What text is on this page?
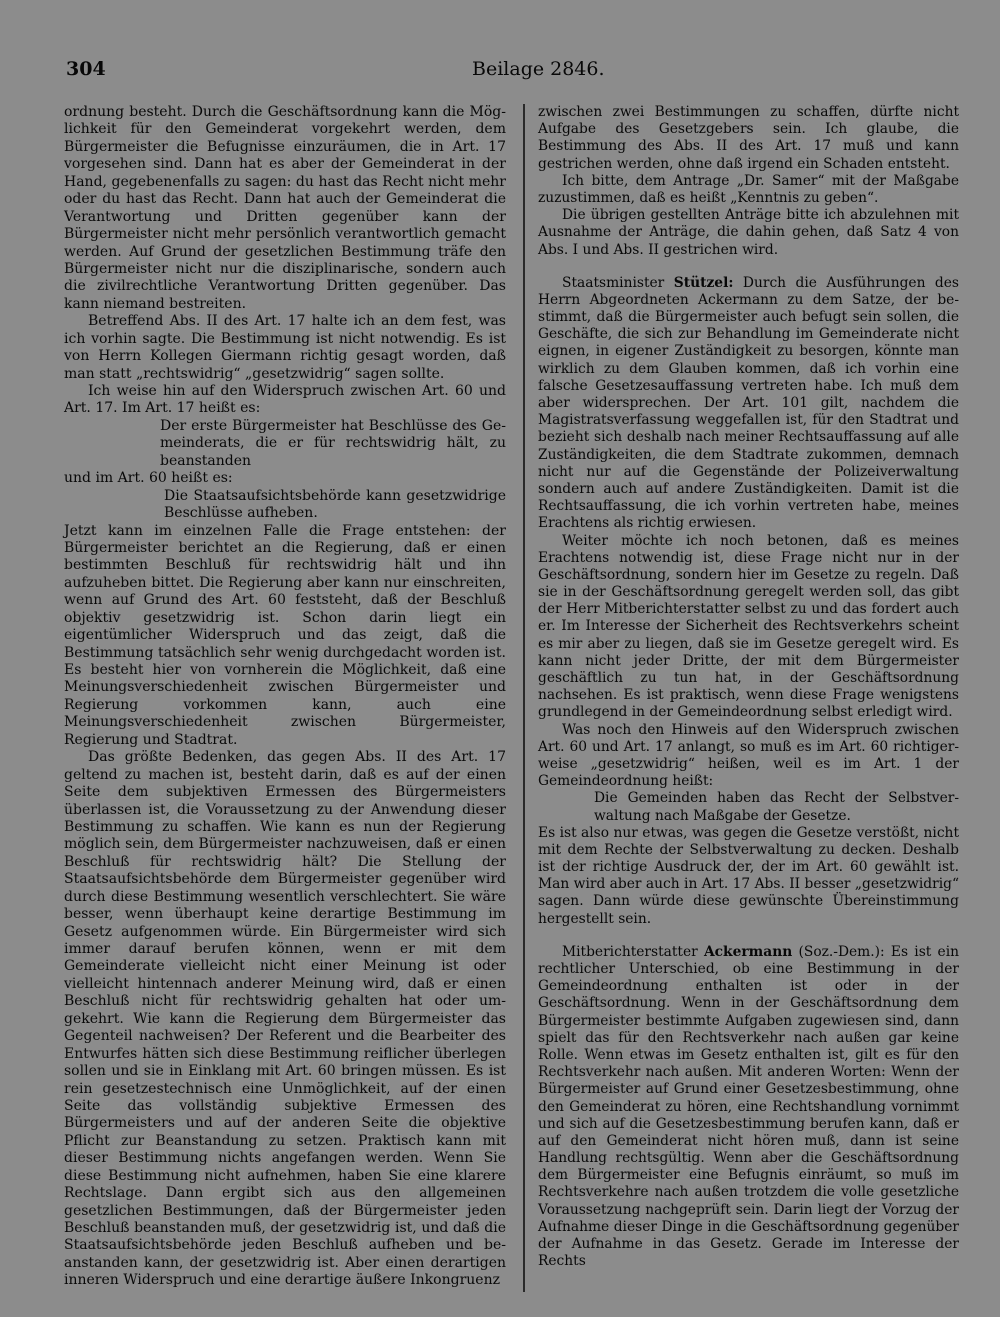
304	Beilage 2846.

ordnung besteht. Durch die Geschäftsordnung kann die Möglichkeit für den Gemeinderat vorgekehrt werden, dem Bürgermeister die Befugnisse einzuräumen, die in Art. 17 vorgesehen sind. Dann hat es aber der Gemeinderat in der Hand, gegebenenfalls zu sagen: du hast das Recht nicht mehr oder du hast das Recht. Dann hat auch der Gemeinderat die Verantwortung und Dritten gegenüber kann der Bürgermeister nicht mehr persönlich verantwortlich gemacht werden. Auf Grund der gesetzlichen Bestimmung träfe den Bürgermeister nicht nur die disziplinarische, sondern auch die zivilrechtliche Verantwortung Dritten gegenüber. Das kann niemand bestreiten.

Betreffend Abs. II des Art. 17 halte ich an dem fest, was ich vorhin sagte. Die Bestimmung ist nicht notwendig. Es ist von Herrn Kollegen Giermann richtig gesagt worden, daß man statt „rechtswidrig“ „gesetzwidrig“ sagen sollte.

Ich weise hin auf den Widerspruch zwischen Art. 60 und Art. 17. Im Art. 17 heißt es:

Der erste Bürgermeister hat Beschlüsse des Gemeinderats, die er für rechtswidrig hält, zu beanstanden

und im Art. 60 heißt es:

Die Staatsaufsichtsbehörde kann gesetzwidrige Beschlüsse aufheben.

Jetzt kann im einzelnen Falle die Frage entstehen: der Bürgermeister berichtet an die Regierung, daß er einen bestimmten Beschluß für rechtswidrig hält und ihn aufzuheben bittet. Die Regierung aber kann nur einschreiten, wenn auf Grund des Art. 60 feststeht, daß der Beschluß objektiv gesetzwidrig ist. Schon darin liegt ein eigentümlicher Widerspruch und das zeigt, daß die Bestimmung tatsächlich sehr wenig durchgedacht worden ist. Es besteht hier von vornherein die Möglichkeit, daß eine Meinungsverschiedenheit zwischen Bürgermeister und Regierung vorkommen kann, auch eine Meinungsverschiedenheit zwischen Bürgermeister, Regierung und Stadtrat.

Das größte Bedenken, das gegen Abs. II des Art. 17 geltend zu machen ist, besteht darin, daß es auf der einen Seite dem subjektiven Ermessen des Bürgermeisters überlassen ist, die Voraussetzung zu der Anwendung dieser Bestimmung zu schaffen. Wie kann es nun der Regierung möglich sein, dem Bürgermeister nachzuweisen, daß er einen Beschluß für rechtswidrig hält? Die Stellung der Staatsaufsichtsbehörde dem Bürgermeister gegenüber wird durch diese Bestimmung wesentlich verschlechtert. Sie wäre besser, wenn überhaupt keine derartige Bestimmung im Gesetz aufgenommen würde. Ein Bürgermeister wird sich immer darauf berufen können, wenn er mit dem Gemeinderate vielleicht nicht einer Meinung ist oder vielleicht hintennach anderer Meinung wird, daß er einen Beschluß nicht für rechtswidrig gehalten hat oder umgekehrt. Wie kann die Regierung dem Bürgermeister das Gegenteil nachweisen? Der Referent und die Bearbeiter des Entwurfes hätten sich diese Bestimmung reiflicher überlegen sollen und sie in Einklang mit Art. 60 bringen müssen. Es ist rein gesetzestechnisch eine Unmöglichkeit, auf der einen Seite das vollständig subjektive Ermessen des Bürgermeisters und auf der anderen Seite die objektive Pflicht zur Beanstandung zu setzen. Praktisch kann mit dieser Bestimmung nichts angefangen werden. Wenn Sie diese Bestimmung nicht aufnehmen, haben Sie eine klarere Rechtslage. Dann ergibt sich aus den allgemeinen gesetzlichen Bestimmungen, daß der Bürgermeister jeden Beschluß beanstanden muß, der gesetzwidrig ist, und daß die Staatsaufsichtsbehörde jeden Beschluß aufheben und beanstanden kann, der gesetzwidrig ist. Aber einen derartigen inneren Widerspruch und eine derartige äußere Inkongruenz

zwischen zwei Bestimmungen zu schaffen, dürfte nicht Aufgabe des Gesetzgebers sein. Ich glaube, die Bestimmung des Abs. II des Art. 17 muß und kann gestrichen werden, ohne daß irgend ein Schaden entsteht.

Ich bitte, dem Antrage „Dr. Samer“ mit der Maßgabe zuzustimmen, daß es heißt „Kenntnis zu geben“.

Die übrigen gestellten Anträge bitte ich abzulehnen mit Ausnahme der Anträge, die dahin gehen, daß Satz 4 von Abs. I und Abs. II gestrichen wird.

Staatsminister Stützel: Durch die Ausführungen des Herrn Abgeordneten Ackermann zu dem Satze, der bestimmt, daß die Bürgermeister auch befugt sein sollen, die Geschäfte, die sich zur Behandlung im Gemeinderate nicht eignen, in eigener Zuständigkeit zu besorgen, könnte man wirklich zu dem Glauben kommen, daß ich vorhin eine falsche Gesetzesauffassung vertreten habe. Ich muß dem aber widersprechen. Der Art. 101 gilt, nachdem die Magistratsverfassung weggefallen ist, für den Stadtrat und bezieht sich deshalb nach meiner Rechtsauffassung auf alle Zuständigkeiten, die dem Stadtrate zukommen, demnach nicht nur auf die Gegenstände der Polizeiverwaltung sondern auch auf andere Zuständigkeiten. Damit ist die Rechtsauffassung, die ich vorhin vertreten habe, meines Erachtens als richtig erwiesen.

Weiter möchte ich noch betonen, daß es meines Erachtens notwendig ist, diese Frage nicht nur in der Geschäftsordnung, sondern hier im Gesetze zu regeln. Daß sie in der Geschäftsordnung geregelt werden soll, das gibt der Herr Mitberichterstatter selbst zu und das fordert auch er. Im Interesse der Sicherheit des Rechtsverkehrs scheint es mir aber zu liegen, daß sie im Gesetze geregelt wird. Es kann nicht jeder Dritte, der mit dem Bürgermeister geschäftlich zu tun hat, in der Geschäftsordnung nachsehen. Es ist praktisch, wenn diese Frage wenigstens grundlegend in der Gemeindeordnung selbst erledigt wird.

Was noch den Hinweis auf den Widerspruch zwischen Art. 60 und Art. 17 anlangt, so muß es im Art. 60 richtigerweise „gesetzwidrig“ heißen, weil es im Art. 1 der Gemeindeordnung heißt:

Die Gemeinden haben das Recht der Selbstverwaltung nach Maßgabe der Gesetze.

Es ist also nur etwas, was gegen die Gesetze verstößt, nicht mit dem Rechte der Selbstverwaltung zu decken. Deshalb ist der richtige Ausdruck der, der im Art. 60 gewählt ist. Man wird aber auch in Art. 17 Abs. II besser „gesetzwidrig“ sagen. Dann würde diese gewünschte Übereinstimmung hergestellt sein.

Mitberichterstatter Ackermann (Soz.-Dem.): Es ist ein rechtlicher Unterschied, ob eine Bestimmung in der Gemeindeordnung enthalten ist oder in der Geschäftsordnung. Wenn in der Geschäftsordnung dem Bürgermeister bestimmte Aufgaben zugewiesen sind, dann spielt das für den Rechtsverkehr nach außen gar keine Rolle. Wenn etwas im Gesetz enthalten ist, gilt es für den Rechtsverkehr nach außen. Mit anderen Worten: Wenn der Bürgermeister auf Grund einer Gesetzesbestimmung, ohne den Gemeinderat zu hören, eine Rechtshandlung vornimmt und sich auf die Gesetzesbestimmung berufen kann, daß er auf den Gemeinderat nicht hören muß, dann ist seine Handlung rechtsgültig. Wenn aber die Geschäftsordnung dem Bürgermeister eine Befugnis einräumt, so muß im Rechtsverkehre nach außen trotzdem die volle gesetzliche Voraussetzung nachgeprüft sein. Darin liegt der Vorzug der Aufnahme dieser Dinge in die Geschäftsordnung gegenüber der Aufnahme in das Gesetz. Gerade im Interesse der Rechts
